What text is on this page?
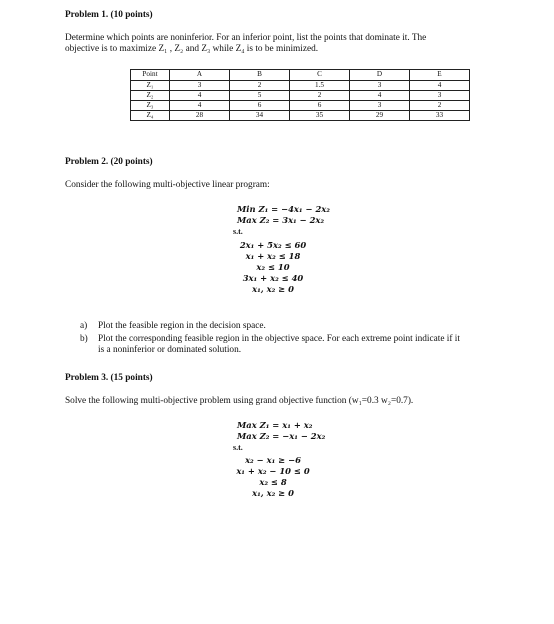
Problem 1. (10 points)
Determine which points are noninferior. For an inferior point, list the points that dominate it. The
objective is to maximize Z₁ , Z₂ and Z₃ while Z₄ is to be minimized.
Point	A	B	C	D	E
Z₁	3	2	1.5	3	4
Z₂	4	5	2	4	3
Z₃	4	6	6	3	2
Z₄	28	34	35	29	33
Problem 2. (20 points)
Consider the following multi-objective linear program:
Min Z₁ = −4x₁ − 2x₂
Max Z₂ = 3x₁ − 2x₂
s.t.
2x₁ + 5x₂ ≤ 60
x₁ + x₂ ≤ 18
x₂ ≤ 10
3x₁ + x₂ ≤ 40
x₁, x₂ ≥ 0
a) Plot the feasible region in the decision space.
b) Plot the corresponding feasible region in the objective space. For each extreme point indicate if it
is a noninferior or dominated solution.
Problem 3. (15 points)
Solve the following multi-objective problem using grand objective function (w₁=0.3 w₂=0.7).
Max Z₁ = x₁ + x₂
Max Z₂ = −x₁ − 2x₂
s.t.
x₂ − x₁ ≥ −6
x₁ + x₂ − 10 ≤ 0
x₂ ≤ 8
x₁, x₂ ≥ 0
